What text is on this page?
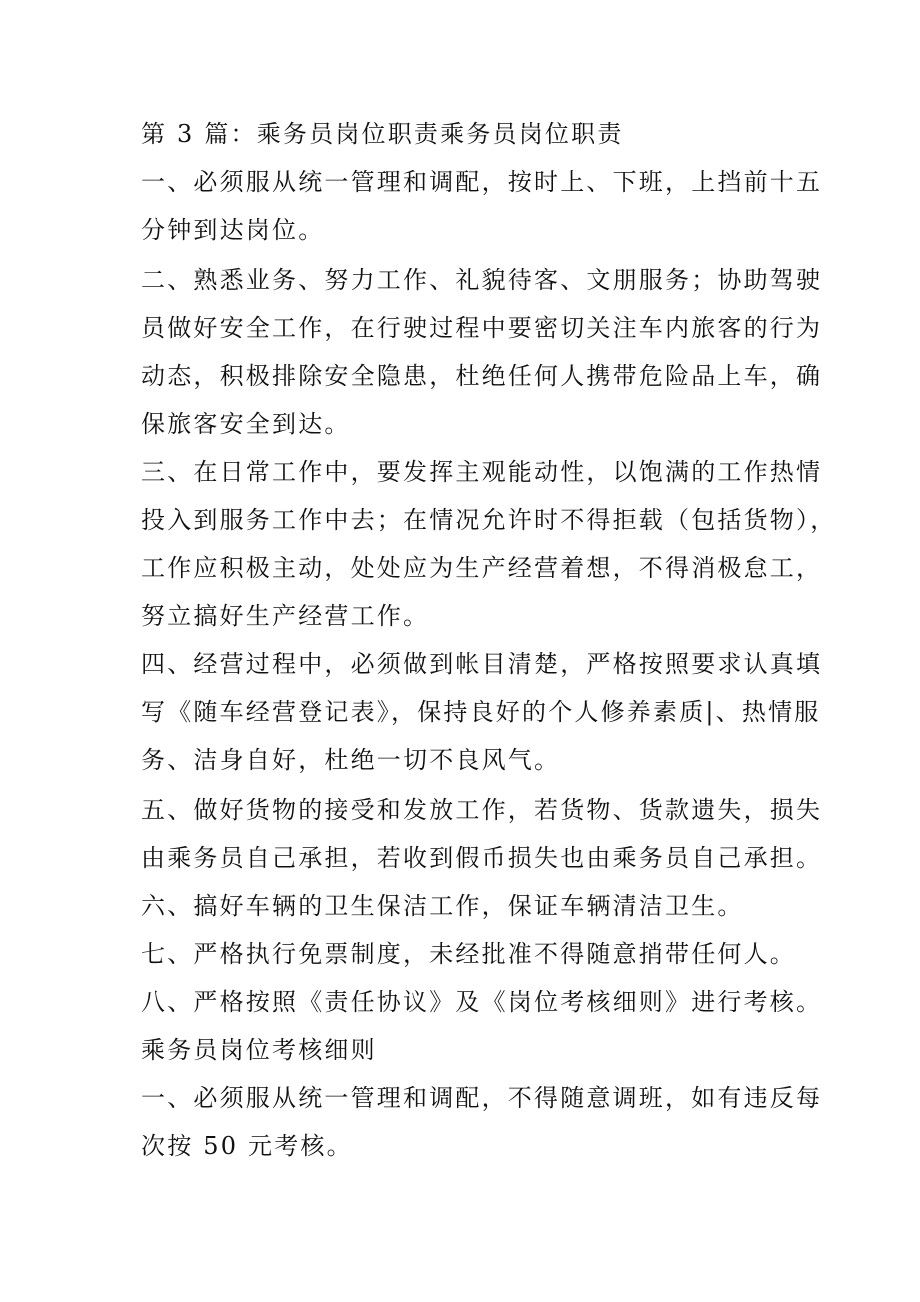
第 3 篇：乘务员岗位职责乘务员岗位职责
一、必须服从统一管理和调配，按时上、下班，上挡前十五
分钟到达岗位。
二、熟悉业务、努力工作、礼貌待客、文朋服务；协助驾驶
员做好安全工作，在行驶过程中要密切关注车内旅客的行为
动态，积极排除安全隐患，杜绝任何人携带危险品上车，确
保旅客安全到达。
三、在日常工作中，要发挥主观能动性，以饱满的工作热情
投入到服务工作中去；在情况允许时不得拒载（包括货物），
工作应积极主动，处处应为生产经营着想，不得消极怠工，
努立搞好生产经营工作。
四、经营过程中，必须做到帐目清楚，严格按照要求认真填
写《随车经营登记表》，保持良好的个人修养素质|、热情服
务、洁身自好，杜绝一切不良风气。
五、做好货物的接受和发放工作，若货物、货款遗失，损失
由乘务员自己承担，若收到假币损失也由乘务员自己承担。
六、搞好车辆的卫生保洁工作，保证车辆清洁卫生。
七、严格执行免票制度，未经批准不得随意捎带任何人。
八、严格按照《责任协议》及《岗位考核细则》进行考核。
乘务员岗位考核细则
一、必须服从统一管理和调配，不得随意调班，如有违反每
次按 50 元考核。
